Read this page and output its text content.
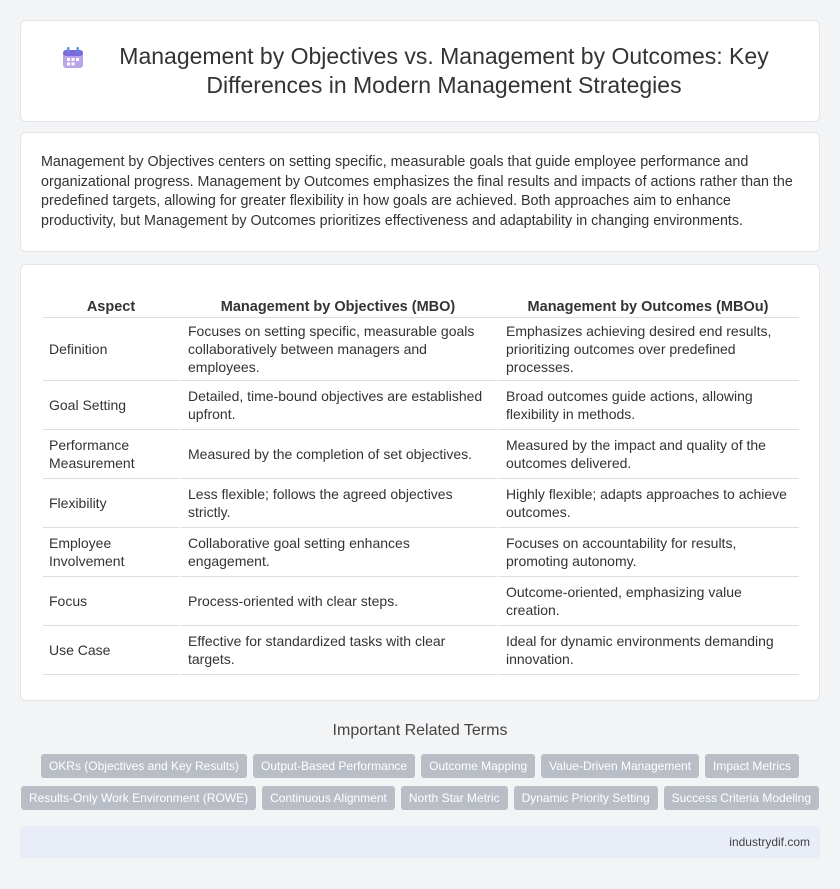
Management by Objectives vs. Management by Outcomes: Key Differences in Modern Management Strategies

Management by Objectives centers on setting specific, measurable goals that guide employee performance and organizational progress. Management by Outcomes emphasizes the final results and impacts of actions rather than the predefined targets, allowing for greater flexibility in how goals are achieved. Both approaches aim to enhance productivity, but Management by Outcomes prioritizes effectiveness and adaptability in changing environments.

Aspect	Management by Objectives (MBO)	Management by Outcomes (MBOu)
Definition	Focuses on setting specific, measurable goals collaboratively between managers and employees.	Emphasizes achieving desired end results, prioritizing outcomes over predefined processes.
Goal Setting	Detailed, time-bound objectives are established upfront.	Broad outcomes guide actions, allowing flexibility in methods.
Performance Measurement	Measured by the completion of set objectives.	Measured by the impact and quality of the outcomes delivered.
Flexibility	Less flexible; follows the agreed objectives strictly.	Highly flexible; adapts approaches to achieve outcomes.
Employee Involvement	Collaborative goal setting enhances engagement.	Focuses on accountability for results, promoting autonomy.
Focus	Process-oriented with clear steps.	Outcome-oriented, emphasizing value creation.
Use Case	Effective for standardized tasks with clear targets.	Ideal for dynamic environments demanding innovation.
Important Related Terms
OKRs (Objectives and Key Results)	Output-Based Performance	Outcome Mapping	Value-Driven Management	Impact Metrics
Results-Only Work Environment (ROWE)	Continuous Alignment	North Star Metric	Dynamic Priority Setting	Success Criteria Modeling
industrydif.com
